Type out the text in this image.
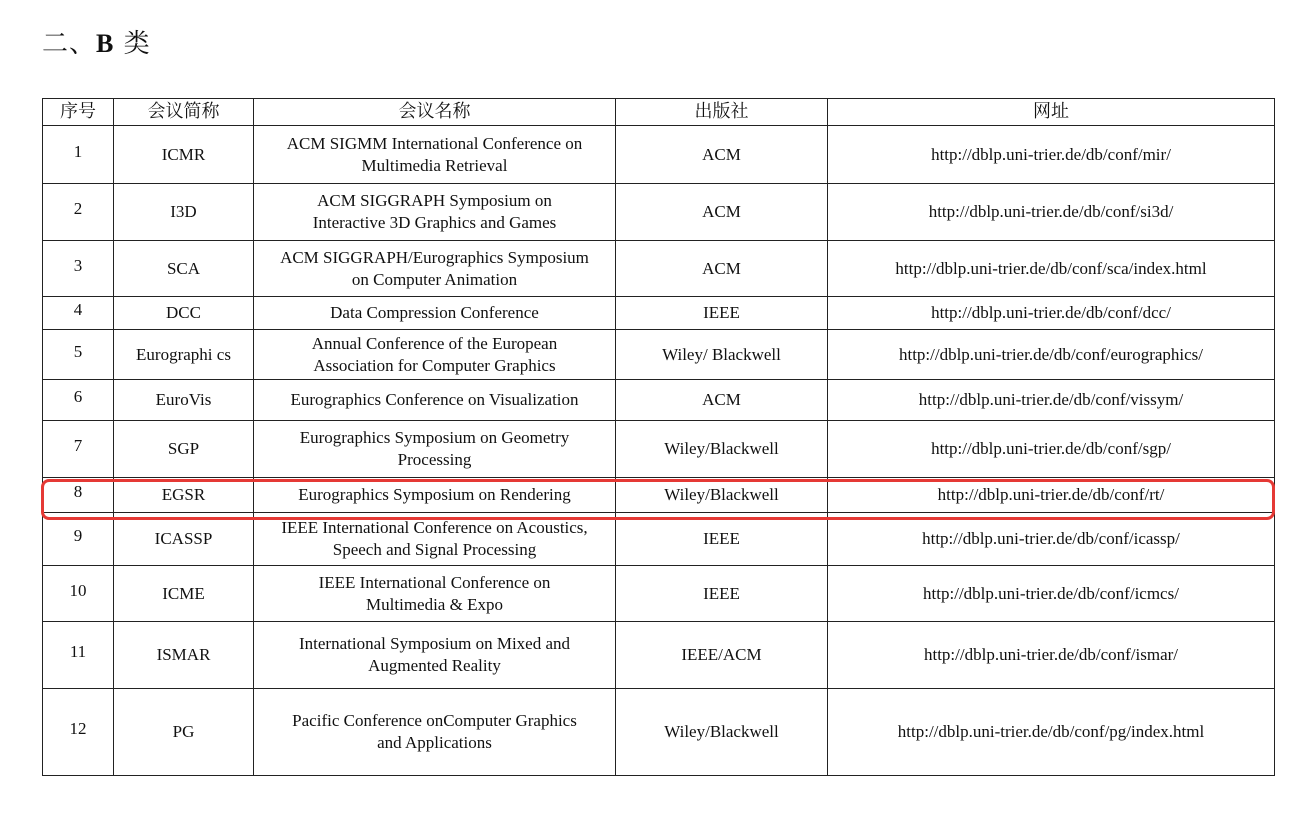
二、B 类
序号	会议简称	会议名称	出版社	网址
1	ICMR	ACM SIGMM International Conference on
Multimedia Retrieval	ACM	http://dblp.uni-trier.de/db/conf/mir/
2	I3D	ACM SIGGRAPH Symposium on
Interactive 3D Graphics and Games	ACM	http://dblp.uni-trier.de/db/conf/si3d/
3	SCA	ACM SIGGRAPH/Eurographics Symposium
on Computer Animation	ACM	http://dblp.uni-trier.de/db/conf/sca/index.html
4	DCC	Data Compression Conference	IEEE	http://dblp.uni-trier.de/db/conf/dcc/
5	Eurographi cs	Annual Conference of the European
Association for Computer Graphics	Wiley/ Blackwell	http://dblp.uni-trier.de/db/conf/eurographics/
6	EuroVis	Eurographics Conference on Visualization	ACM	http://dblp.uni-trier.de/db/conf/vissym/
7	SGP	Eurographics Symposium on Geometry
Processing	Wiley/Blackwell	http://dblp.uni-trier.de/db/conf/sgp/
8	EGSR	Eurographics Symposium on Rendering	Wiley/Blackwell	http://dblp.uni-trier.de/db/conf/rt/
9	ICASSP	IEEE International Conference on Acoustics,
Speech and Signal Processing	IEEE	http://dblp.uni-trier.de/db/conf/icassp/
10	ICME	IEEE International Conference on
Multimedia & Expo	IEEE	http://dblp.uni-trier.de/db/conf/icmcs/
11	ISMAR	International Symposium on Mixed and
Augmented Reality	IEEE/ACM	http://dblp.uni-trier.de/db/conf/ismar/
12	PG	Pacific Conference onComputer Graphics
and Applications	Wiley/Blackwell	http://dblp.uni-trier.de/db/conf/pg/index.html
